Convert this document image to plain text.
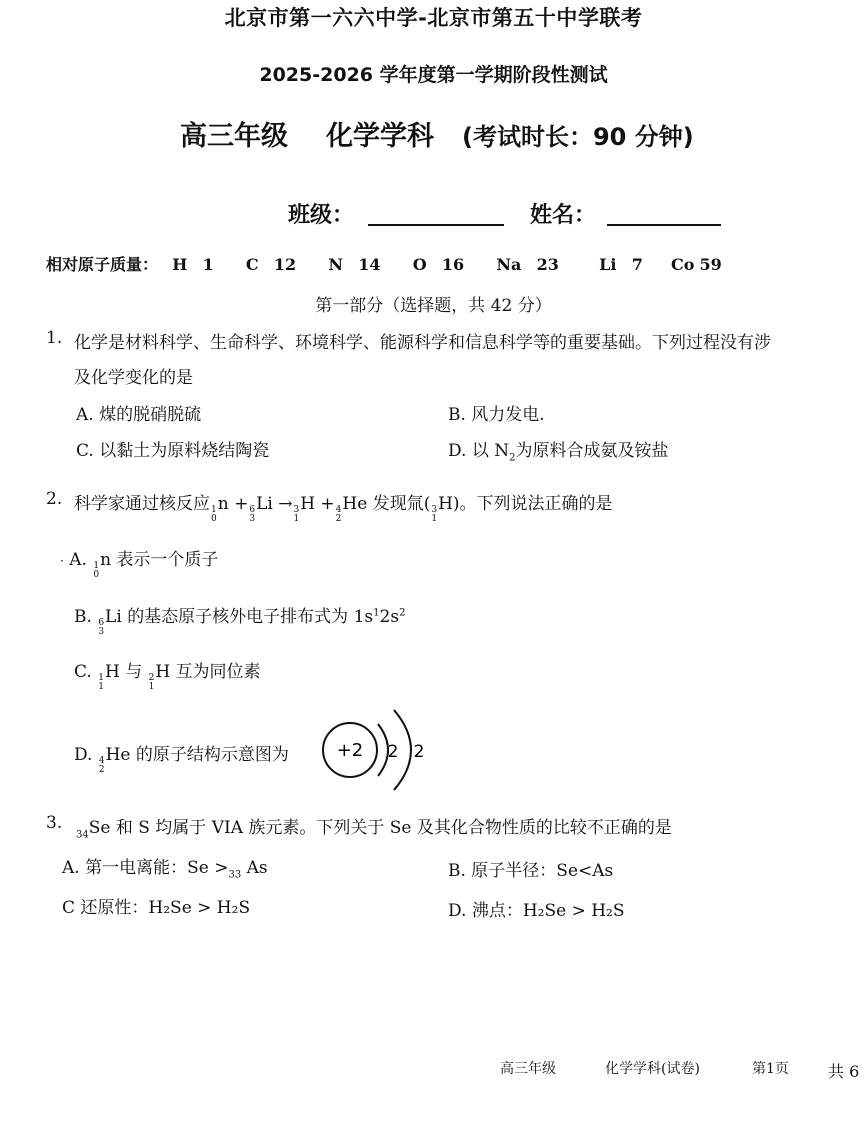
北京市第一六六中学-北京市第五十中学联考
2025-2026 学年度第一学期阶段性测试
高三年级 化学学科 (考试时长：90 分钟)
班级：	姓名：
相对原子质量： H 1 C 12 N 14 O 16 Na 23	Li 7 Co 59
第一部分（选择题，共 42 分）
1. 化学是材料科学、生命科学、环境科学、能源科学和信息科学等的重要基础。下列过程没有涉
及化学变化的是
A. 煤的脱硝脱硫	B. 风力发电.
C. 以黏土为原料烧结陶瓷	D. 以 $N_2$为原料合成氨及铵盐
2. 科学家通过核反应 1
0
n + 6
3
Li → 3
1
H + 4
2
He 发现氚( 3
1
H)。下列说法正确的是
· A. 1
0
n 表示一个质子
B. 6
3
Li 的基态原子核外电子排布式为 $1s^12s^2$
C. 1
1
H 与 2
1
H 互为同位素
D. 4
2
He 的原子结构示意图为	+2 2 2
3.
$_{34}$Se 和 S 均属于 VIA 族元素。下列关于 Se 及其化合物性质的比较不正确的是
A. 第一电离能：$Se >_{33}$ As	B. 原子半径：Se<As
C 还原性：H₂Se > H₂S	D. 沸点：H₂Se > H₂S
高三年级	化学学科(试卷)	第1页 共 6
